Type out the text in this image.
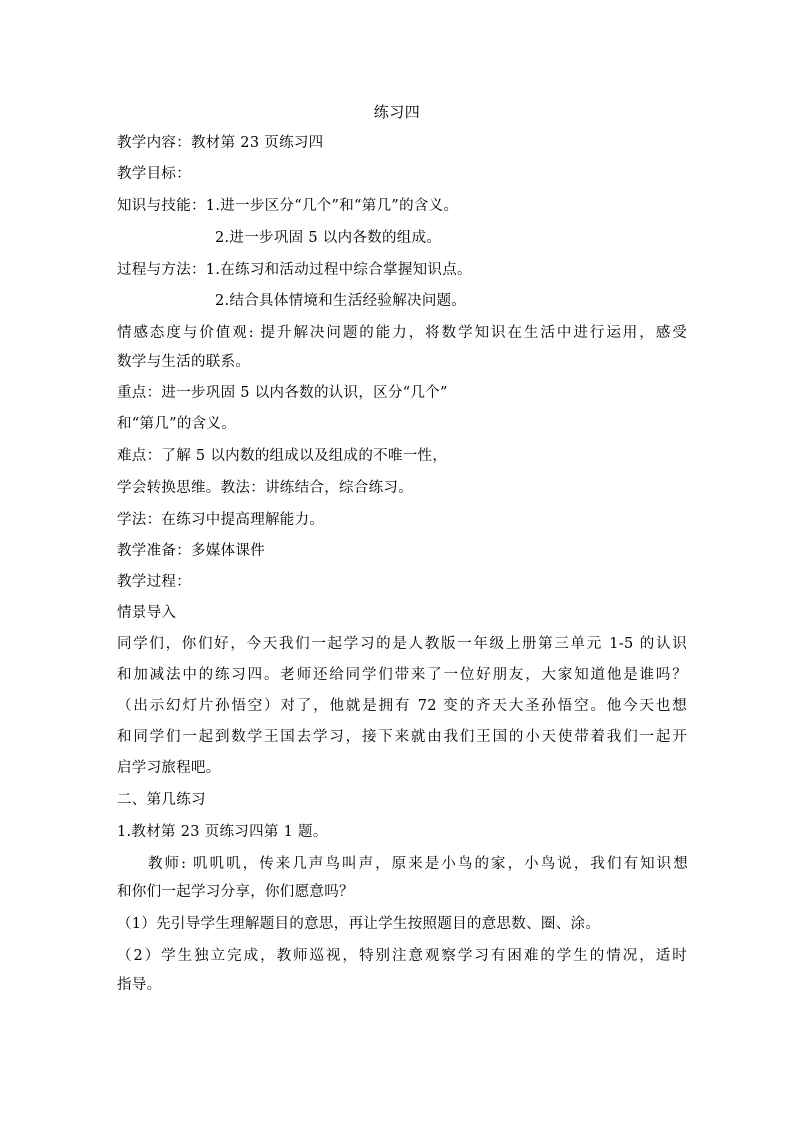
练习四
教学内容：教材第 23 页练习四
教学目标：
知识与技能：1.进一步区分“几个”和“第几”的含义。
2.进一步巩固 5 以内各数的组成。
过程与方法：1.在练习和活动过程中综合掌握知识点。
2.结合具体情境和生活经验解决问题。
情感态度与价值观: 提升解决问题的能力，将数学知识在生活中进行运用，感受
数学与生活的联系。
重点：进一步巩固 5 以内各数的认识，区分“几个”
和“第几”的含义。
难点：了解 5 以内数的组成以及组成的不唯一性，
学会转换思维。教法：讲练结合，综合练习。
学法：在练习中提高理解能力。
教学准备：多媒体课件
教学过程：
情景导入
同学们，你们好，今天我们一起学习的是人教版一年级上册第三单元 1-5 的认识
和加减法中的练习四。老师还给同学们带来了一位好朋友，大家知道他是谁吗？
（出示幻灯片孙悟空）对了，他就是拥有 72 变的齐天大圣孙悟空。他今天也想
和同学们一起到数学王国去学习，接下来就由我们王国的小天使带着我们一起开
启学习旅程吧。
二、第几练习
1.教材第 23 页练习四第 1 题。
教师: 叽叽叽，传来几声鸟叫声，原来是小鸟的家，小鸟说，我们有知识想
和你们一起学习分享，你们愿意吗？
（1）先引导学生理解题目的意思，再让学生按照题目的意思数、圈、涂。
（2）学生独立完成，教师巡视，特别注意观察学习有困难的学生的情况，适时
指导。
